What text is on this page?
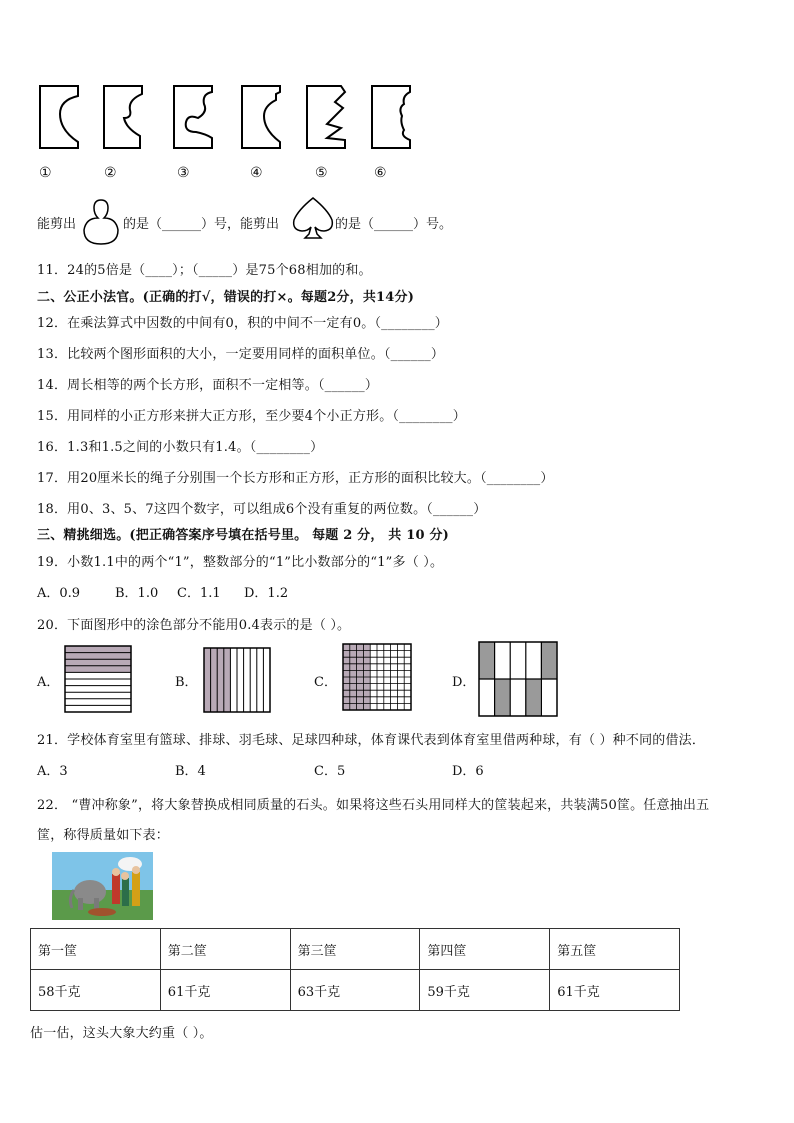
①	②	③	④	⑤	⑥
能剪出	的是（______）号，能剪出	的是（______）号。
11．24的5倍是（____）；（_____）是75个68相加的和。
二、公正小法官。(正确的打√，错误的打×。每题2分，共14分)
12．在乘法算式中因数的中间有0，积的中间不一定有0。（________）
13．比较两个图形面积的大小，一定要用同样的面积单位。（______）
14．周长相等的两个长方形，面积不一定相等。（______）
15．用同样的小正方形来拼大正方形，至少要4个小正方形。（________）
16．1.3和1.5之间的小数只有1.4。（________）
17．用20厘米长的绳子分别围一个长方形和正方形，正方形的面积比较大。（________）
18．用0、3、5、7这四个数字，可以组成6个没有重复的两位数。（______）
三、精挑细选。(把正确答案序号填在括号里。 每题 2 分， 共 10 分)
19．小数1.1中的两个“1”，整数部分的“1”比小数部分的“1”多（ ）。
A．0.9	B．1.0 C．1.1 D．1.2
20．下面图形中的涂色部分不能用0.4表示的是（ ）。
A．	B．	C．	D．
21．学校体育室里有篮球、排球、羽毛球、足球四种球，体育课代表到体育室里借两种球，有（ ）种不同的借法．
A．3	B．4	C．5	D．6
22． “曹冲称象”，将大象替换成相同质量的石头。如果将这些石头用同样大的筐装起来，共装满50筐。任意抽出五
筐，称得质量如下表：
第一筐	第二筐	第三筐	第四筐	第五筐
58千克	61千克	63千克	59千克	61千克
估一估，这头大象大约重（ ）。
